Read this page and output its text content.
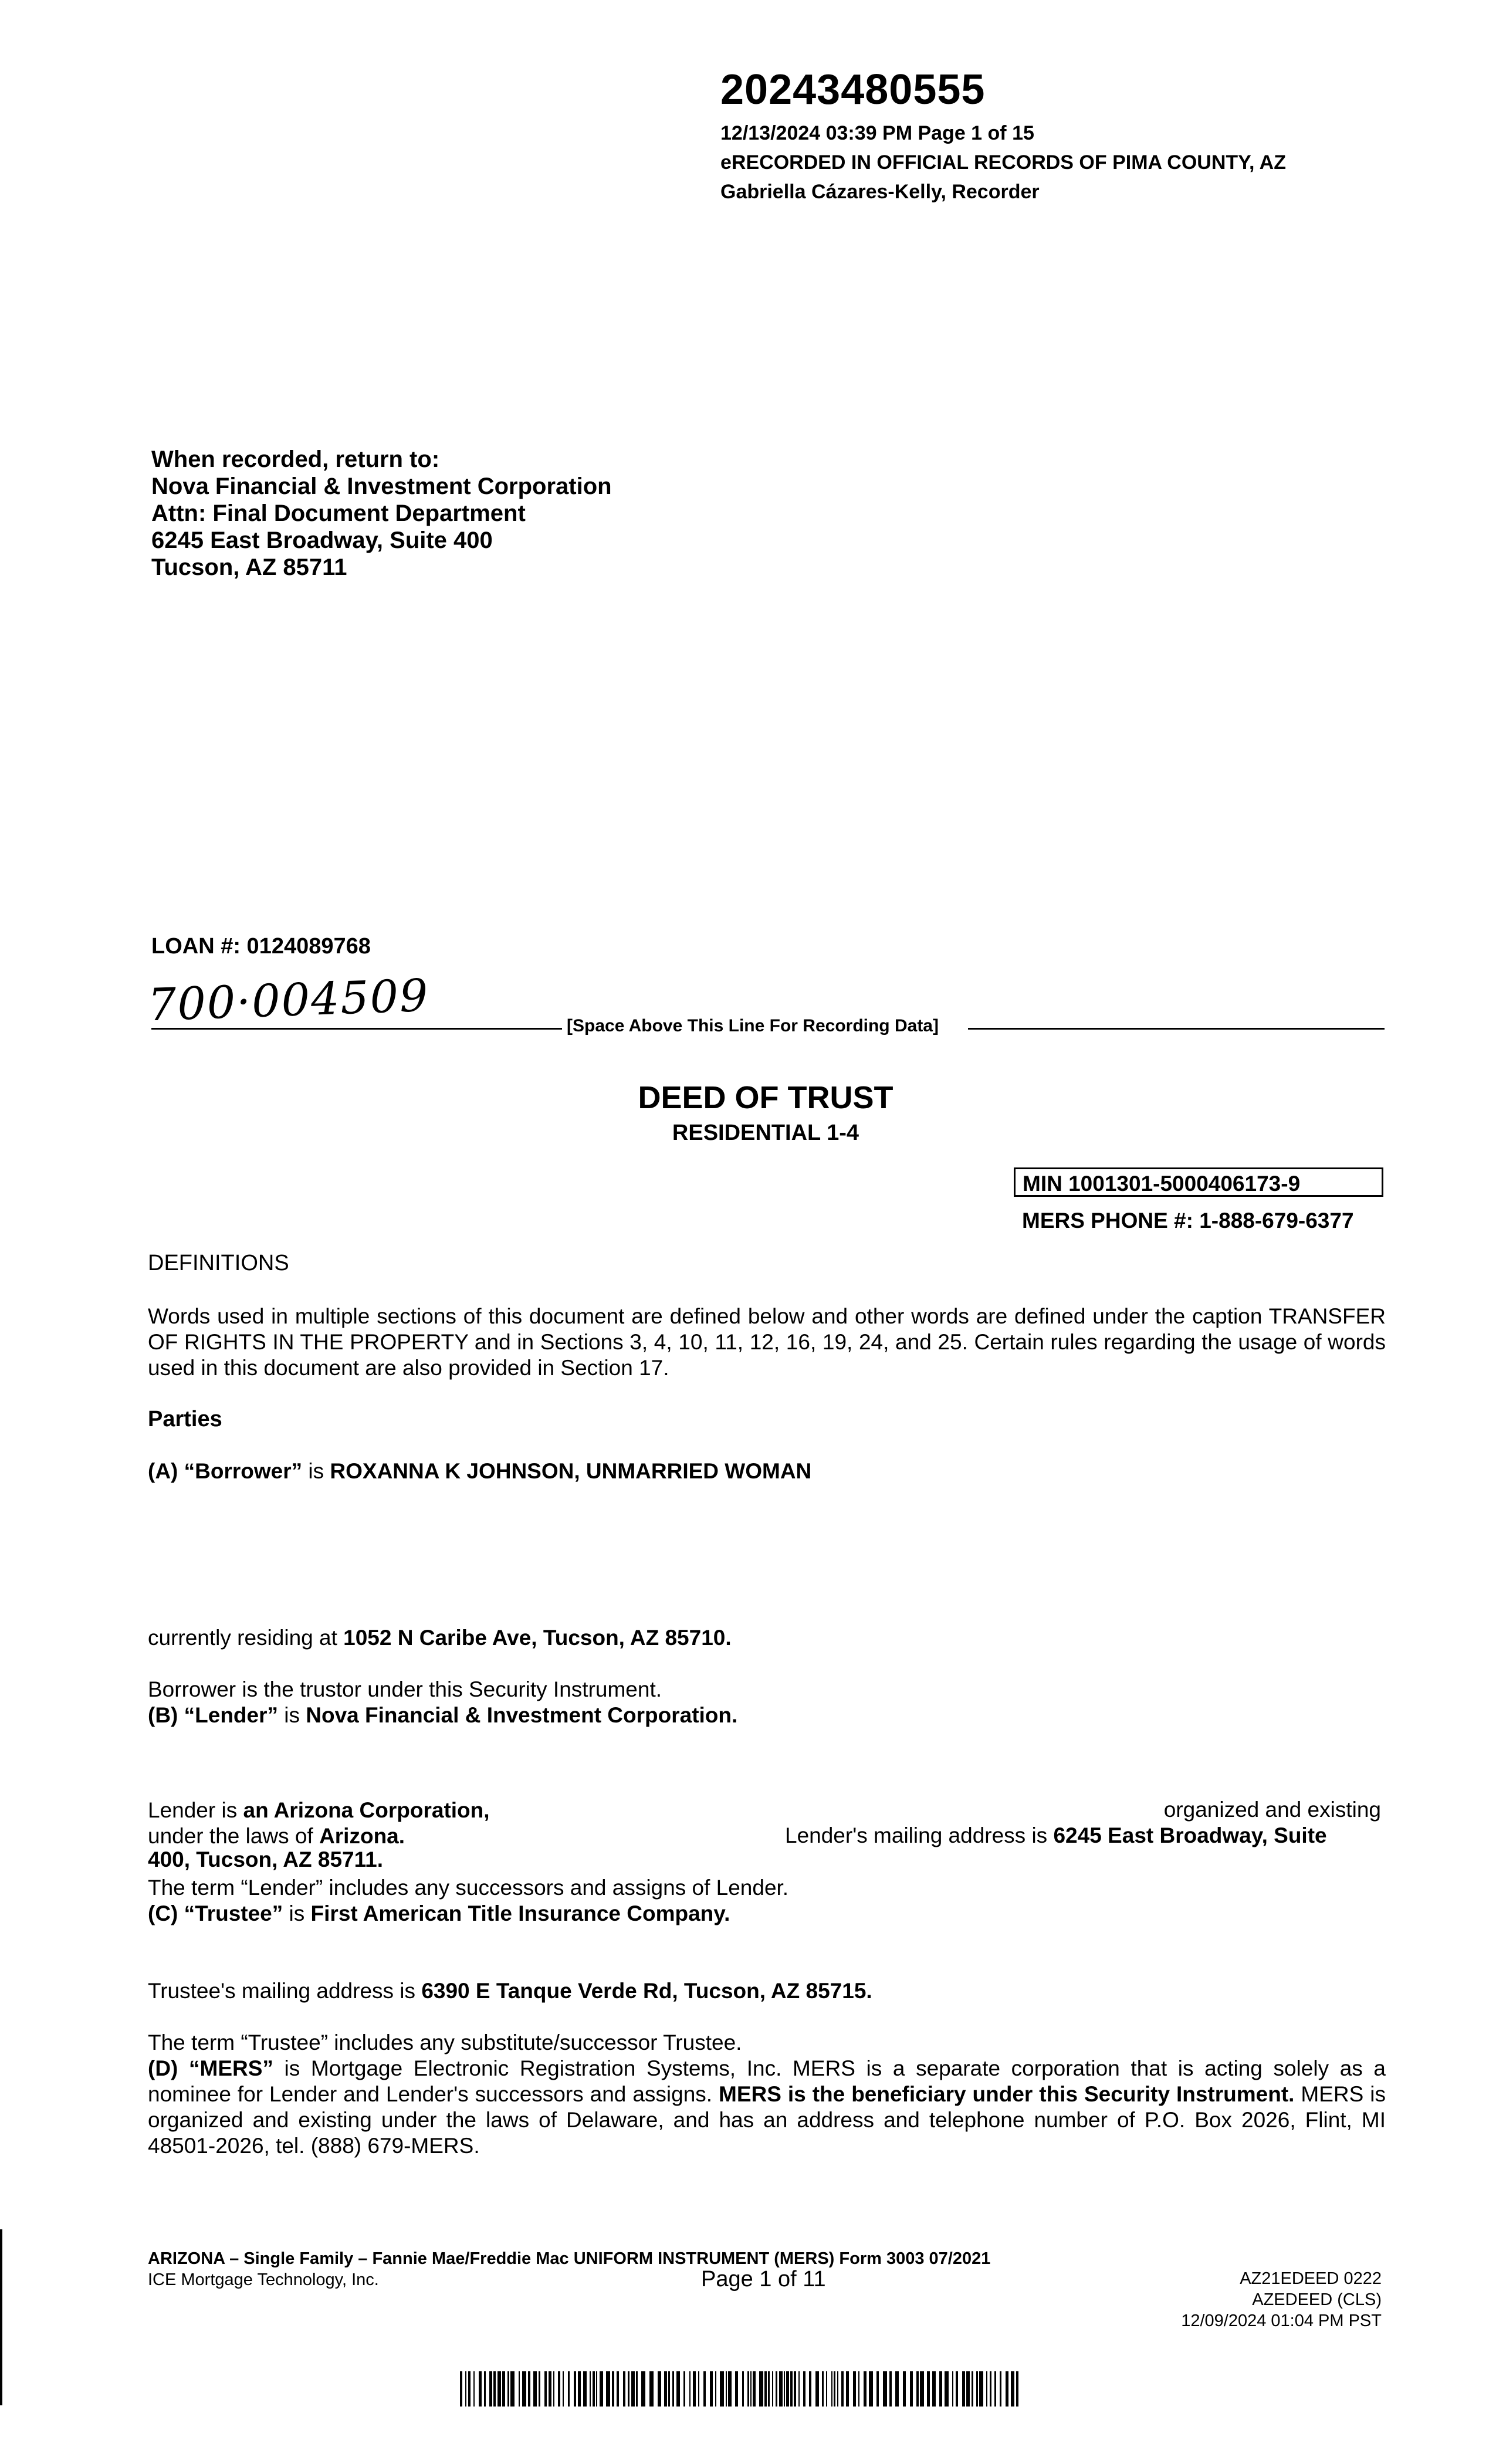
20243480555
12/13/2024 03:39 PM Page 1 of 15
eRECORDED IN OFFICIAL RECORDS OF PIMA COUNTY, AZ
Gabriella Cázares-Kelly, Recorder
When recorded, return to:
Nova Financial & Investment Corporation
Attn: Final Document Department
6245 East Broadway, Suite 400
Tucson, AZ 85711
LOAN #: 0124089768
700·004509	[Space Above This Line For Recording Data]
DEED OF TRUST
RESIDENTIAL 1-4
MIN 1001301-5000406173-9
MERS PHONE #: 1-888-679-6377
DEFINITIONS
Words used in multiple sections of this document are defined below and other words are defined under the caption TRANSFER OF RIGHTS IN THE PROPERTY and in Sections 3, 4, 10, 11, 12, 16, 19, 24, and 25. Certain rules regarding the usage of words used in this document are also provided in Section 17.
Parties
(A) “Borrower” is ROXANNA K JOHNSON, UNMARRIED WOMAN
currently residing at 1052 N Caribe Ave, Tucson, AZ 85710.
Borrower is the trustor under this Security Instrument.
(B) “Lender” is Nova Financial & Investment Corporation.
Lender is an Arizona Corporation,	organized and existing
under the laws of Arizona.	Lender's mailing address is 6245 East Broadway, Suite
400, Tucson, AZ 85711.
The term “Lender” includes any successors and assigns of Lender.
(C) “Trustee” is First American Title Insurance Company.
Trustee's mailing address is 6390 E Tanque Verde Rd, Tucson, AZ 85715.
The term “Trustee” includes any substitute/successor Trustee.
(D) “MERS” is Mortgage Electronic Registration Systems, Inc. MERS is a separate corporation that is acting solely as a nominee for Lender and Lender's successors and assigns. MERS is the beneficiary under this Security Instrument. MERS is organized and existing under the laws of Delaware, and has an address and telephone number of P.O. Box 2026, Flint, MI 48501-2026, tel. (888) 679-MERS.
ARIZONA – Single Family – Fannie Mae/Freddie Mac UNIFORM INSTRUMENT (MERS) Form 3003 07/2021
ICE Mortgage Technology, Inc.	Page 1 of 11	AZ21EDEED 0222
AZEDEED (CLS)
12/09/2024 01:04 PM PST
